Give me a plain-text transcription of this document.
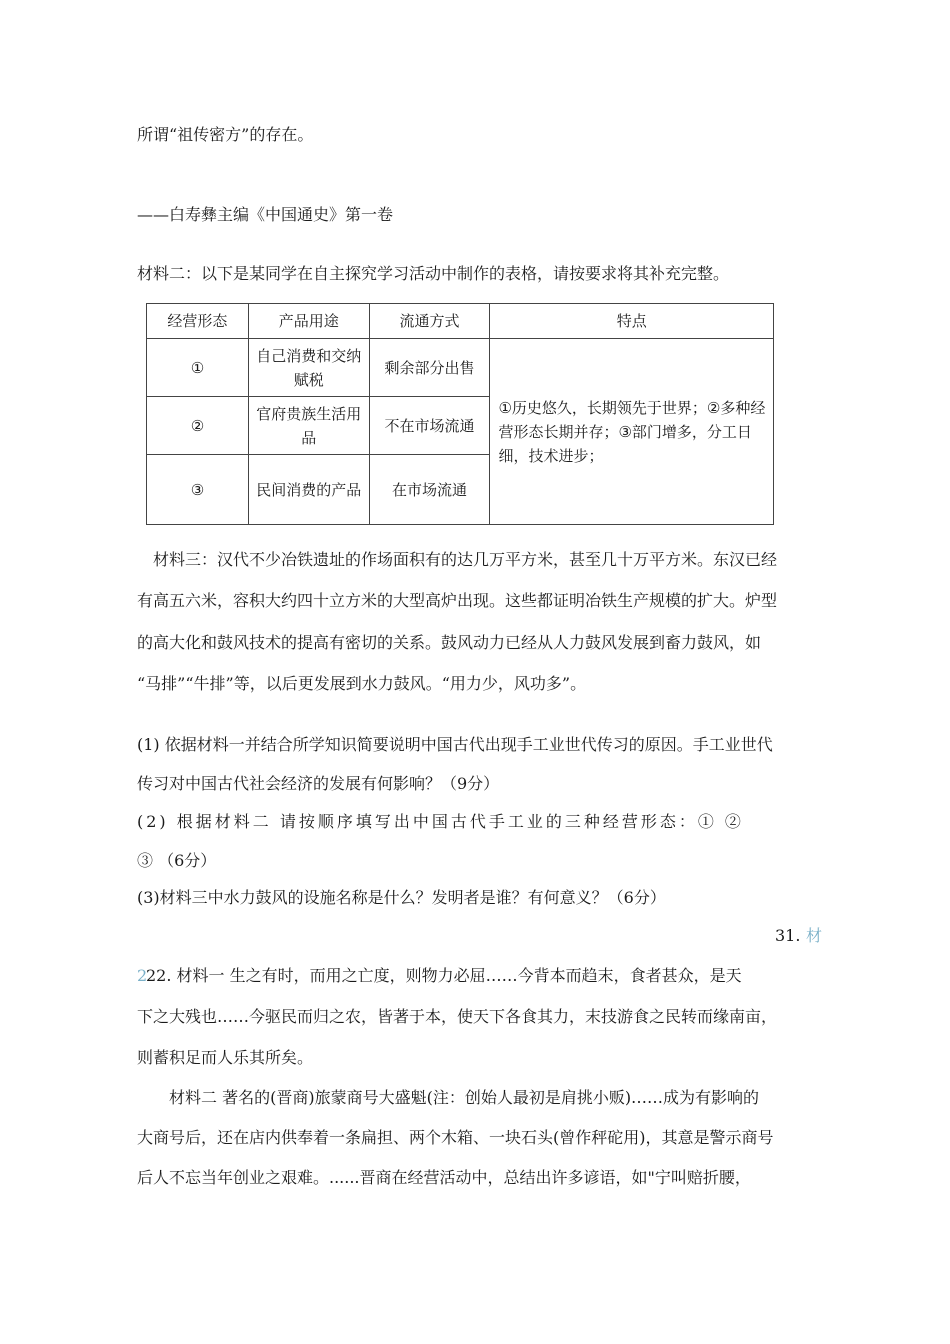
所谓“祖传密方”的存在。
——白寿彝主编《中国通史》第一卷
材料二：以下是某同学在自主探究学习活动中制作的表格，请按要求将其补充完整。
经营形态	产品用途	流通方式	特点
①	自己消费和交纳赋税	剩余部分出售	①历史悠久，长期领先于世界；②多种经营形态长期并存；③部门增多，分工日细，技术进步；
②	官府贵族生活用品	不在市场流通	
③	民间消费的产品	在市场流通	
材料三：汉代不少冶铁遗址的作场面积有的达几万平方米，甚至几十万平方米。东汉已经
有高五六米，容积大约四十立方米的大型高炉出现。这些都证明冶铁生产规模的扩大。炉型
的高大化和鼓风技术的提高有密切的关系。鼓风动力已经从人力鼓风发展到畜力鼓风，如
“马排”“牛排”等，以后更发展到水力鼓风。“用力少，风功多”。
(1) 依据材料一并结合所学知识简要说明中国古代出现手工业世代传习的原因。手工业世代
传习对中国古代社会经济的发展有何影响？（9分）
(2) 根据材料二 请按顺序填写出中国古代手工业的三种经营形态：① ②
③ （6分）
(3)材料三中水力鼓风的设施名称是什么？发明者是谁？有何意义？（6分）
31. 材
2
22. 材料一 生之有时，而用之亡度，则物力必屈……今背本而趋末，食者甚众，是天
下之大残也……今驱民而归之农，皆著于本，使天下各食其力，末技游食之民转而缘南亩，
则蓄积足而人乐其所矣。
材料二 著名的(晋商)旅蒙商号大盛魁(注：创始人最初是肩挑小贩)……成为有影响的
大商号后，还在店内供奉着一条扁担、两个木箱、一块石头(曾作秤砣用)，其意是警示商号
后人不忘当年创业之艰难。......晋商在经营活动中，总结出许多谚语，如"宁叫赔折腰，
